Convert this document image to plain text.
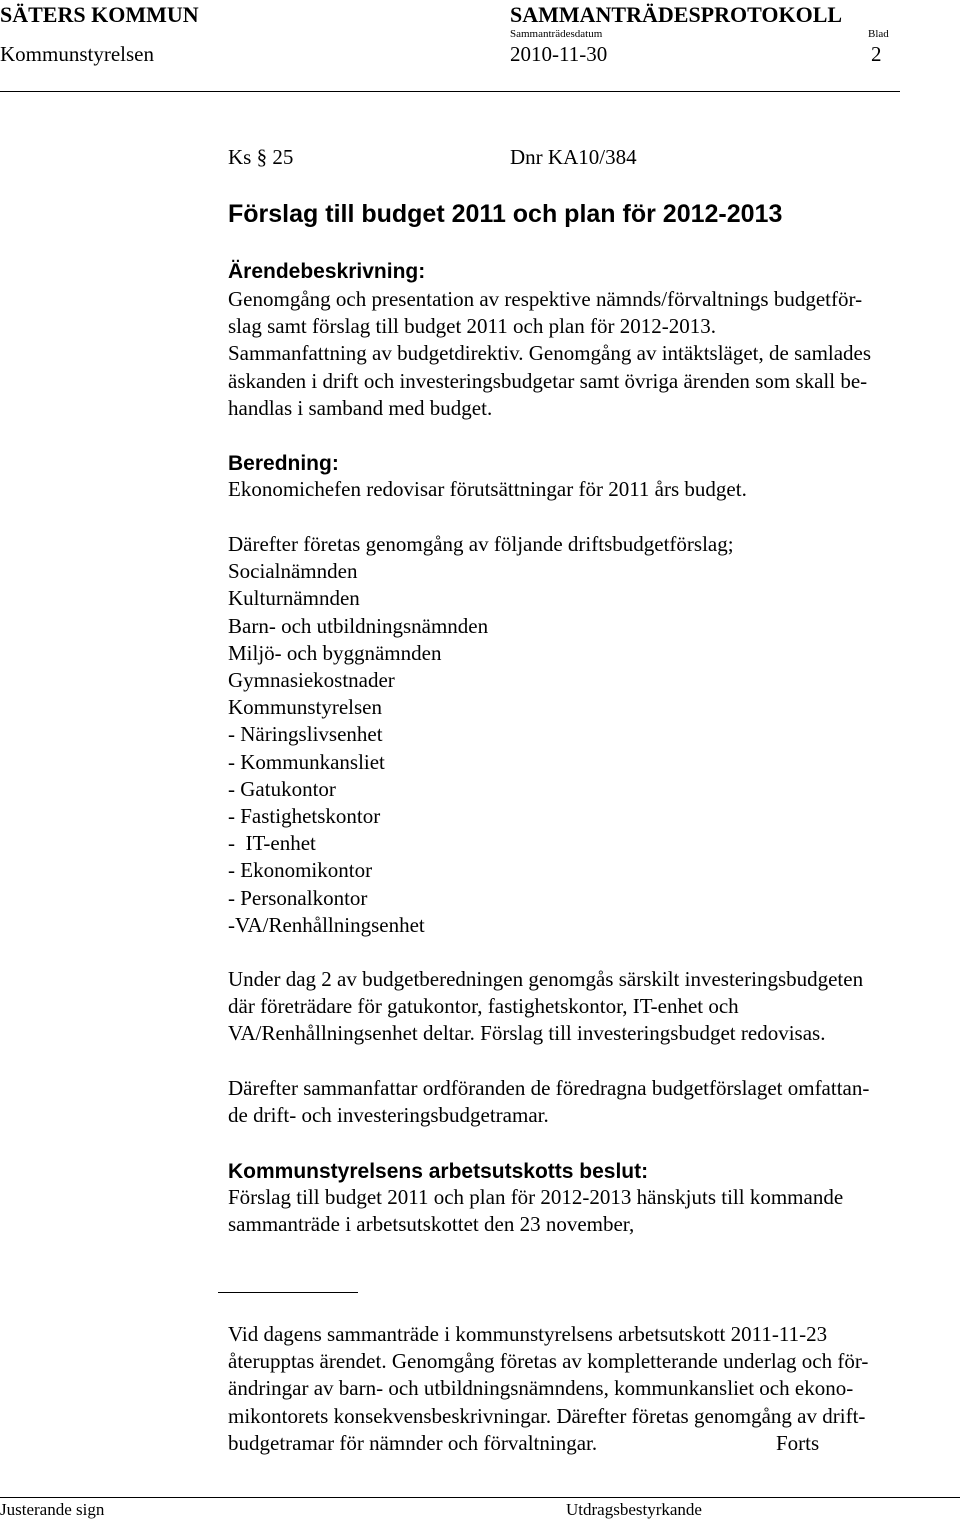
SÄTERS KOMMUN	SAMMANTRÄDESPROTOKOLL
Sammanträdesdatum	Blad
Kommunstyrelsen	2010-11-30	2
Ks § 25	Dnr KA10/384
Förslag till budget 2011 och plan för 2012-2013
Ärendebeskrivning:
Genomgång och presentation av respektive nämnds/förvaltnings budgetför-
slag samt förslag till budget 2011 och plan för 2012-2013.
Sammanfattning av budgetdirektiv. Genomgång av intäktsläget, de samlades
äskanden i drift och investeringsbudgetar samt övriga ärenden som skall be-
handlas i samband med budget.
Beredning:
Ekonomichefen redovisar förutsättningar för 2011 års budget.
Därefter företas genomgång av följande driftsbudgetförslag;
Socialnämnden
Kulturnämnden
Barn- och utbildningsnämnden
Miljö- och byggnämnden
Gymnasiekostnader
Kommunstyrelsen
- Näringslivsenhet
- Kommunkansliet
- Gatukontor
- Fastighetskontor
-  IT-enhet
- Ekonomikontor
- Personalkontor
-VA/Renhållningsenhet
Under dag 2 av budgetberedningen genomgås särskilt investeringsbudgeten
där företrädare för gatukontor, fastighetskontor, IT-enhet och
VA/Renhållningsenhet deltar. Förslag till investeringsbudget redovisas.
Därefter sammanfattar ordföranden de föredragna budgetförslaget omfattan-
de drift- och investeringsbudgetramar.
Kommunstyrelsens arbetsutskotts beslut:
Förslag till budget 2011 och plan för 2012-2013 hänskjuts till kommande
sammanträde i arbetsutskottet den 23 november,
Vid dagens sammanträde i kommunstyrelsens arbetsutskott 2011-11-23
återupptas ärendet. Genomgång företas av kompletterande underlag och för-
ändringar av barn- och utbildningsnämndens, kommunkansliet och ekono-
mikontorets konsekvensbeskrivningar. Därefter företas genomgång av drift-
budgetramar för nämnder och förvaltningar.	Forts
Justerande sign	Utdragsbestyrkande
